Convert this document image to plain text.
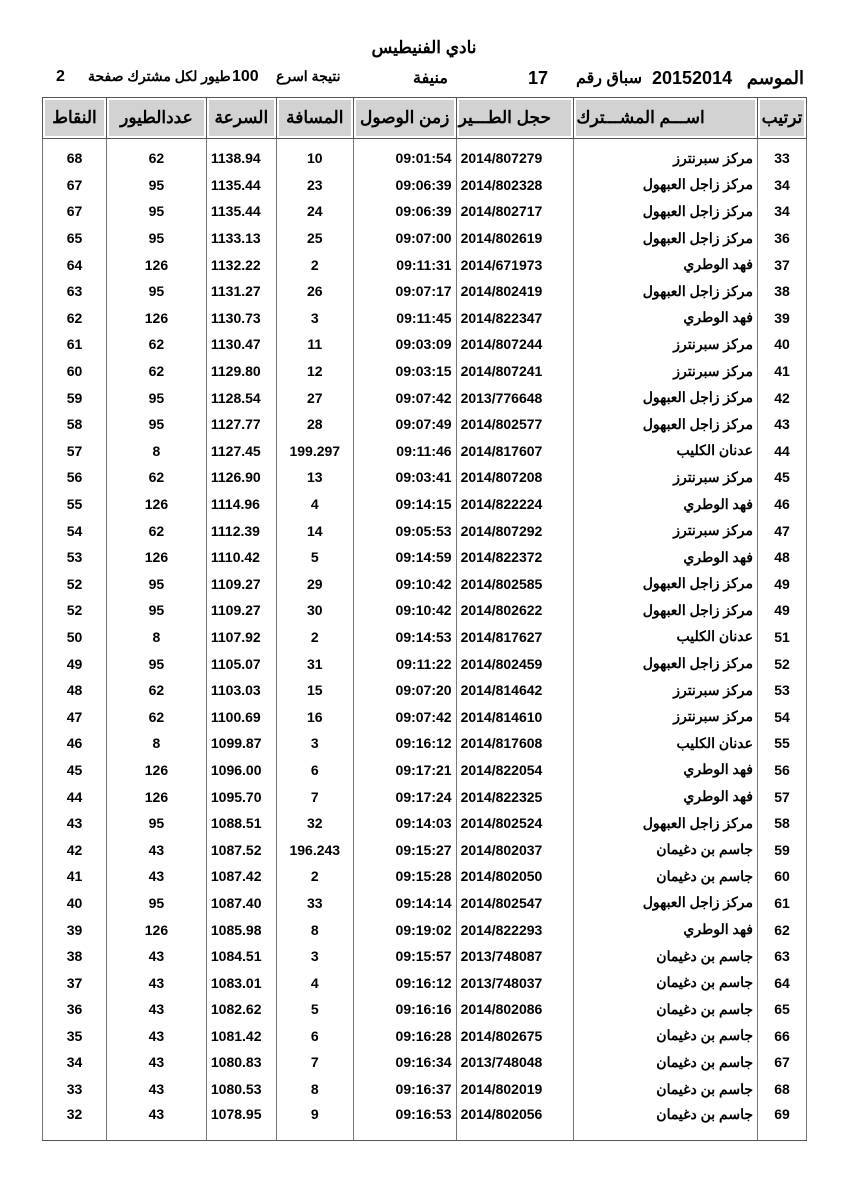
نادي الفنيطيس
الموسم
20152014
سباق رقم
17
منيفة
نتيجة اسرع
100
طيور لكل مشترك صفحة
2
ترتيب	اســـم المشـــترك	حجل الطـــير	زمن الوصول	المسافة	السرعة	عددالطيور	النقاط
33	مركز سبرنترز	2014/807279	09:01:54	10	1138.94	62	68
34	مركز زاجل العبهول	2014/802328	09:06:39	23	1135.44	95	67
34	مركز زاجل العبهول	2014/802717	09:06:39	24	1135.44	95	67
36	مركز زاجل العبهول	2014/802619	09:07:00	25	1133.13	95	65
37	فهد الوطري	2014/671973	09:11:31	2	1132.22	126	64
38	مركز زاجل العبهول	2014/802419	09:07:17	26	1131.27	95	63
39	فهد الوطري	2014/822347	09:11:45	3	1130.73	126	62
40	مركز سبرنترز	2014/807244	09:03:09	11	1130.47	62	61
41	مركز سبرنترز	2014/807241	09:03:15	12	1129.80	62	60
42	مركز زاجل العبهول	2013/776648	09:07:42	27	1128.54	95	59
43	مركز زاجل العبهول	2014/802577	09:07:49	28	1127.77	95	58
44	عدنان الكليب	2014/817607	09:11:46	199.297	1127.45	8	57
45	مركز سبرنترز	2014/807208	09:03:41	13	1126.90	62	56
46	فهد الوطري	2014/822224	09:14:15	4	1114.96	126	55
47	مركز سبرنترز	2014/807292	09:05:53	14	1112.39	62	54
48	فهد الوطري	2014/822372	09:14:59	5	1110.42	126	53
49	مركز زاجل العبهول	2014/802585	09:10:42	29	1109.27	95	52
49	مركز زاجل العبهول	2014/802622	09:10:42	30	1109.27	95	52
51	عدنان الكليب	2014/817627	09:14:53	2	1107.92	8	50
52	مركز زاجل العبهول	2014/802459	09:11:22	31	1105.07	95	49
53	مركز سبرنترز	2014/814642	09:07:20	15	1103.03	62	48
54	مركز سبرنترز	2014/814610	09:07:42	16	1100.69	62	47
55	عدنان الكليب	2014/817608	09:16:12	3	1099.87	8	46
56	فهد الوطري	2014/822054	09:17:21	6	1096.00	126	45
57	فهد الوطري	2014/822325	09:17:24	7	1095.70	126	44
58	مركز زاجل العبهول	2014/802524	09:14:03	32	1088.51	95	43
59	جاسم بن دغيمان	2014/802037	09:15:27	196.243	1087.52	43	42
60	جاسم بن دغيمان	2014/802050	09:15:28	2	1087.42	43	41
61	مركز زاجل العبهول	2014/802547	09:14:14	33	1087.40	95	40
62	فهد الوطري	2014/822293	09:19:02	8	1085.98	126	39
63	جاسم بن دغيمان	2013/748087	09:15:57	3	1084.51	43	38
64	جاسم بن دغيمان	2013/748037	09:16:12	4	1083.01	43	37
65	جاسم بن دغيمان	2014/802086	09:16:16	5	1082.62	43	36
66	جاسم بن دغيمان	2014/802675	09:16:28	6	1081.42	43	35
67	جاسم بن دغيمان	2013/748048	09:16:34	7	1080.83	43	34
68	جاسم بن دغيمان	2014/802019	09:16:37	8	1080.53	43	33
69	جاسم بن دغيمان	2014/802056	09:16:53	9	1078.95	43	32
